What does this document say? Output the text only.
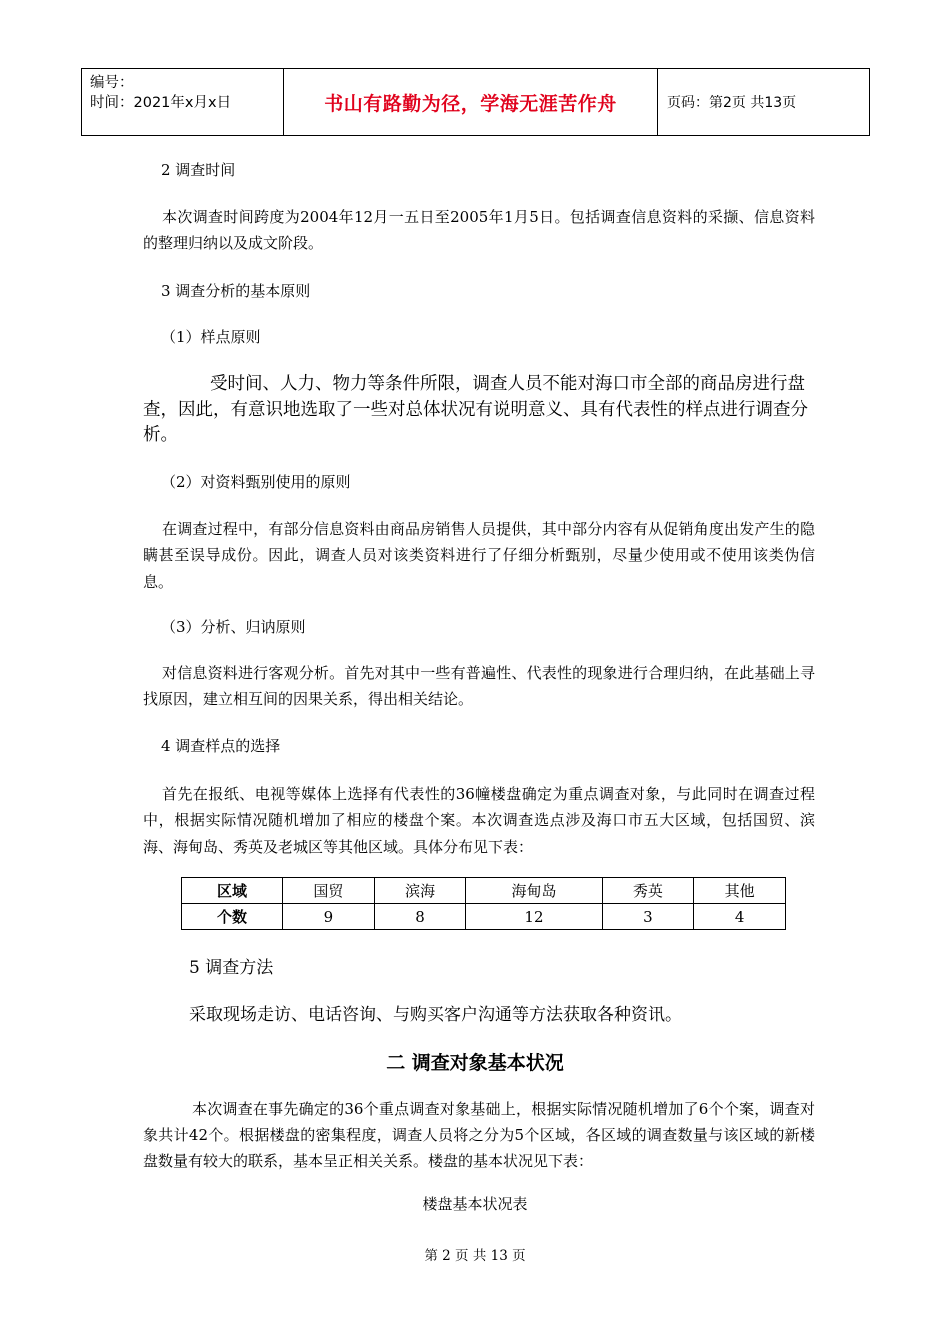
编号：
时间：2021年x月x日	书山有路勤为径，学海无涯苦作舟	页码：第2页 共13页
2 调查时间
本次调查时间跨度为2004年12月一五日至2005年1月5日。包括调查信息资料的采撷、信息资料的整理归纳以及成文阶段。
3 调查分析的基本原则
（1）样点原则
受时间、人力、物力等条件所限，调查人员不能对海口市全部的商品房进行盘查，因此，有意识地选取了一些对总体状况有说明意义、具有代表性的样点进行调查分析。
（2）对资料甄别使用的原则
在调查过程中，有部分信息资料由商品房销售人员提供，其中部分内容有从促销角度出发产生的隐瞒甚至误导成份。因此，调查人员对该类资料进行了仔细分析甄别，尽量少使用或不使用该类伪信息。
（3）分析、归讷原则
对信息资料进行客观分析。首先对其中一些有普遍性、代表性的现象进行合理归纳，在此基础上寻找原因，建立相互间的因果关系，得出相关结论。
4 调查样点的选择
首先在报纸、电视等媒体上选择有代表性的36幢楼盘确定为重点调查对象，与此同时在调查过程中，根据实际情况随机增加了相应的楼盘个案。本次调查选点涉及海口市五大区域，包括国贸、滨海、海甸岛、秀英及老城区等其他区域。具体分布见下表：
区域	国贸	滨海	海甸岛	秀英	其他
个数	9	8	12	3	4
5 调查方法
采取现场走访、电话咨询、与购买客户沟通等方法获取各种资讯。
二 调查对象基本状况
本次调查在事先确定的36个重点调查对象基础上，根据实际情况随机增加了6个个案，调查对象共计42个。根据楼盘的密集程度，调查人员将之分为5个区域，各区域的调查数量与该区域的新楼盘数量有较大的联系，基本呈正相关关系。楼盘的基本状况见下表：
楼盘基本状况表
第 2 页 共 13 页
